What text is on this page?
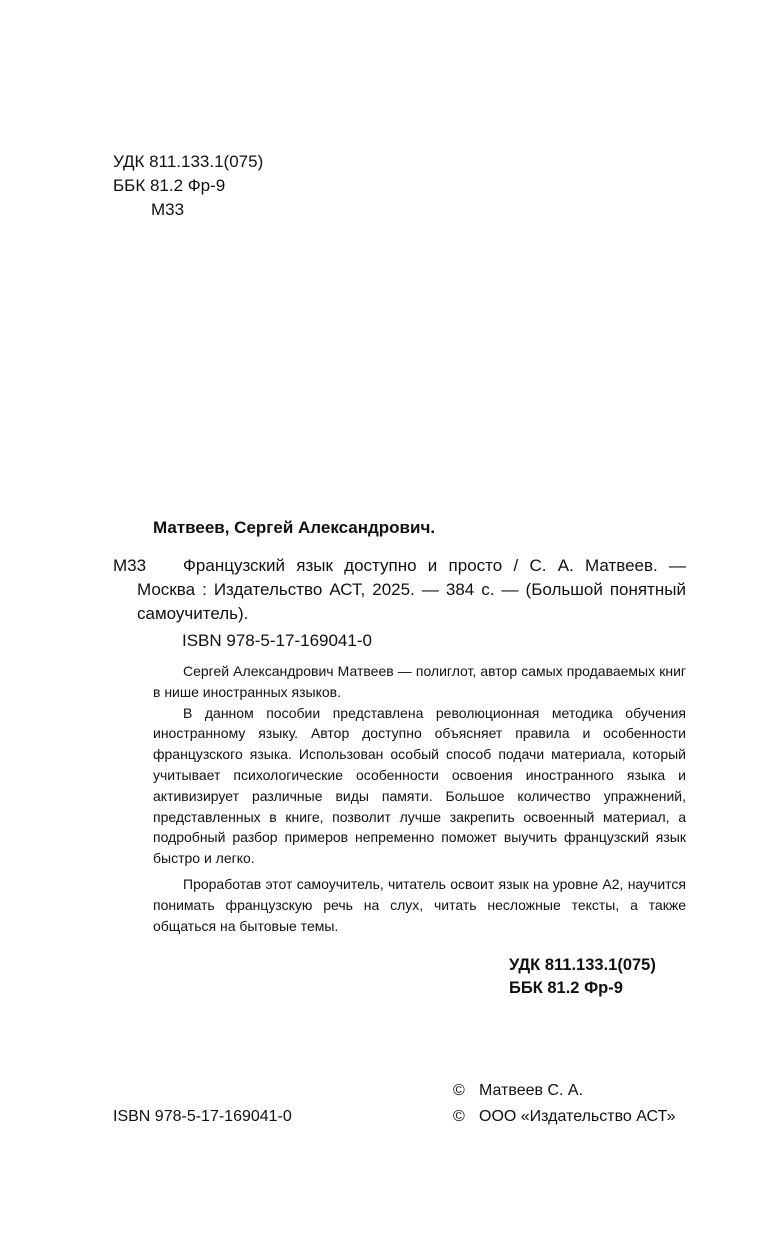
УДК 811.133.1(075)
ББК 81.2 Фр-9
М33
Матвеев, Сергей Александрович.
М33	Французский язык доступно и просто / С. А. Матвеев. — Москва : Издательство АСТ, 2025. — 384 с. — (Большой понятный самоучитель).
ISBN 978-5-17-169041-0

Сергей Александрович Матвеев — полиглот, автор самых продаваемых книг в нише иностранных языков.

В данном пособии представлена революционная методика обучения иностранному языку. Автор доступно объясняет правила и особенности французского языка. Использован особый способ подачи материала, который учитывает психологические особенности освоения иностранного языка и активизирует различные виды памяти. Большое количество упражнений, представленных в книге, позволит лучше закрепить освоенный материал, а подробный разбор примеров непременно поможет выучить французский язык быстро и легко.

Проработав этот самоучитель, читатель освоит язык на уровне А2, научится понимать французскую речь на слух, читать несложные тексты, а также общаться на бытовые темы.

УДК 811.133.1(075)
ББК 81.2 Фр-9
© Матвеев С. А.
ISBN 978-5-17-169041-0	© ООО «Издательство АСТ»
